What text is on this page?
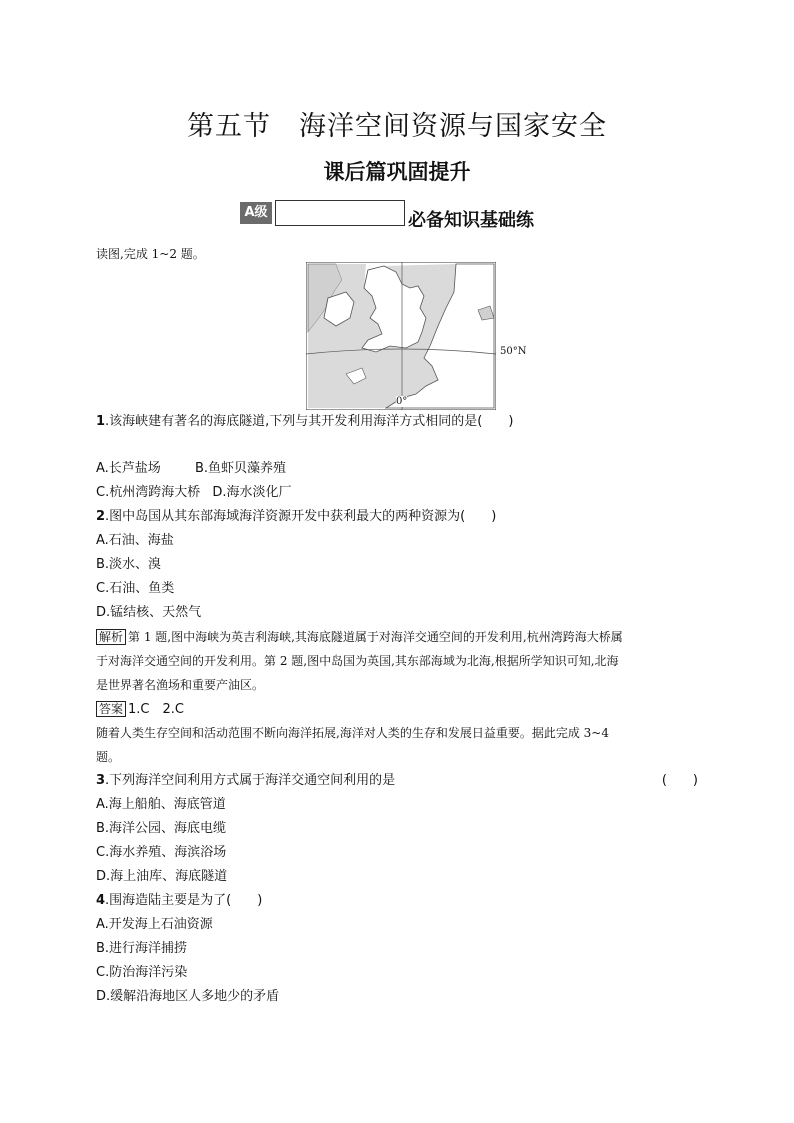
第五节　海洋空间资源与国家安全
课后篇巩固提升
A级	必备知识基础练
读图,完成 1~2 题。
50°N
0°
1.该海峡建有著名的海底隧道,下列与其开发利用海洋方式相同的是(　　)
A.长芦盐场	B.鱼虾贝藻养殖
C.杭州湾跨海大桥 D.海水淡化厂
2.图中岛国从其东部海域海洋资源开发中获利最大的两种资源为(　　)
A.石油、海盐
B.淡水、溴
C.石油、鱼类
D.锰结核、天然气
解析 第 1 题,图中海峡为英吉利海峡,其海底隧道属于对海洋交通空间的开发利用,杭州湾跨海大桥属
于对海洋交通空间的开发利用。第 2 题,图中岛国为英国,其东部海域为北海,根据所学知识可知,北海
是世界著名渔场和重要产油区。
答案 1.C　2.C
随着人类生存空间和活动范围不断向海洋拓展,海洋对人类的生存和发展日益重要。据此完成 3~4
题。
3.下列海洋空间利用方式属于海洋交通空间利用的是	(　　)
A.海上船舶、海底管道
B.海洋公园、海底电缆
C.海水养殖、海滨浴场
D.海上油库、海底隧道
4.围海造陆主要是为了(　　)
A.开发海上石油资源
B.进行海洋捕捞
C.防治海洋污染
D.缓解沿海地区人多地少的矛盾
